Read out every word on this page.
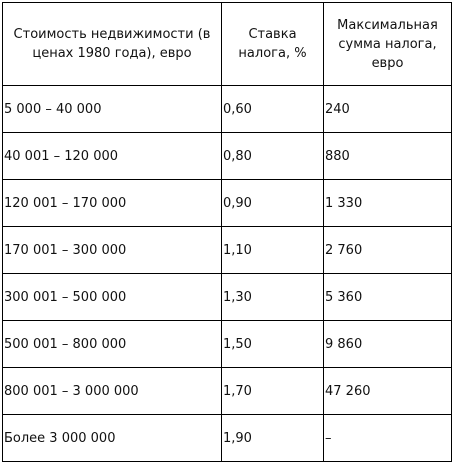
Стоимость недвижимости (в ценах 1980 года), евро	Ставка налога, %	Максимальная сумма налога, евро
5 000 – 40 000	0,60	240
40 001 – 120 000	0,80	880
120 001 – 170 000	0,90	1 330
170 001 – 300 000	1,10	2 760
300 001 – 500 000	1,30	5 360
500 001 – 800 000	1,50	9 860
800 001 – 3 000 000	1,70	47 260
Более 3 000 000	1,90	–
